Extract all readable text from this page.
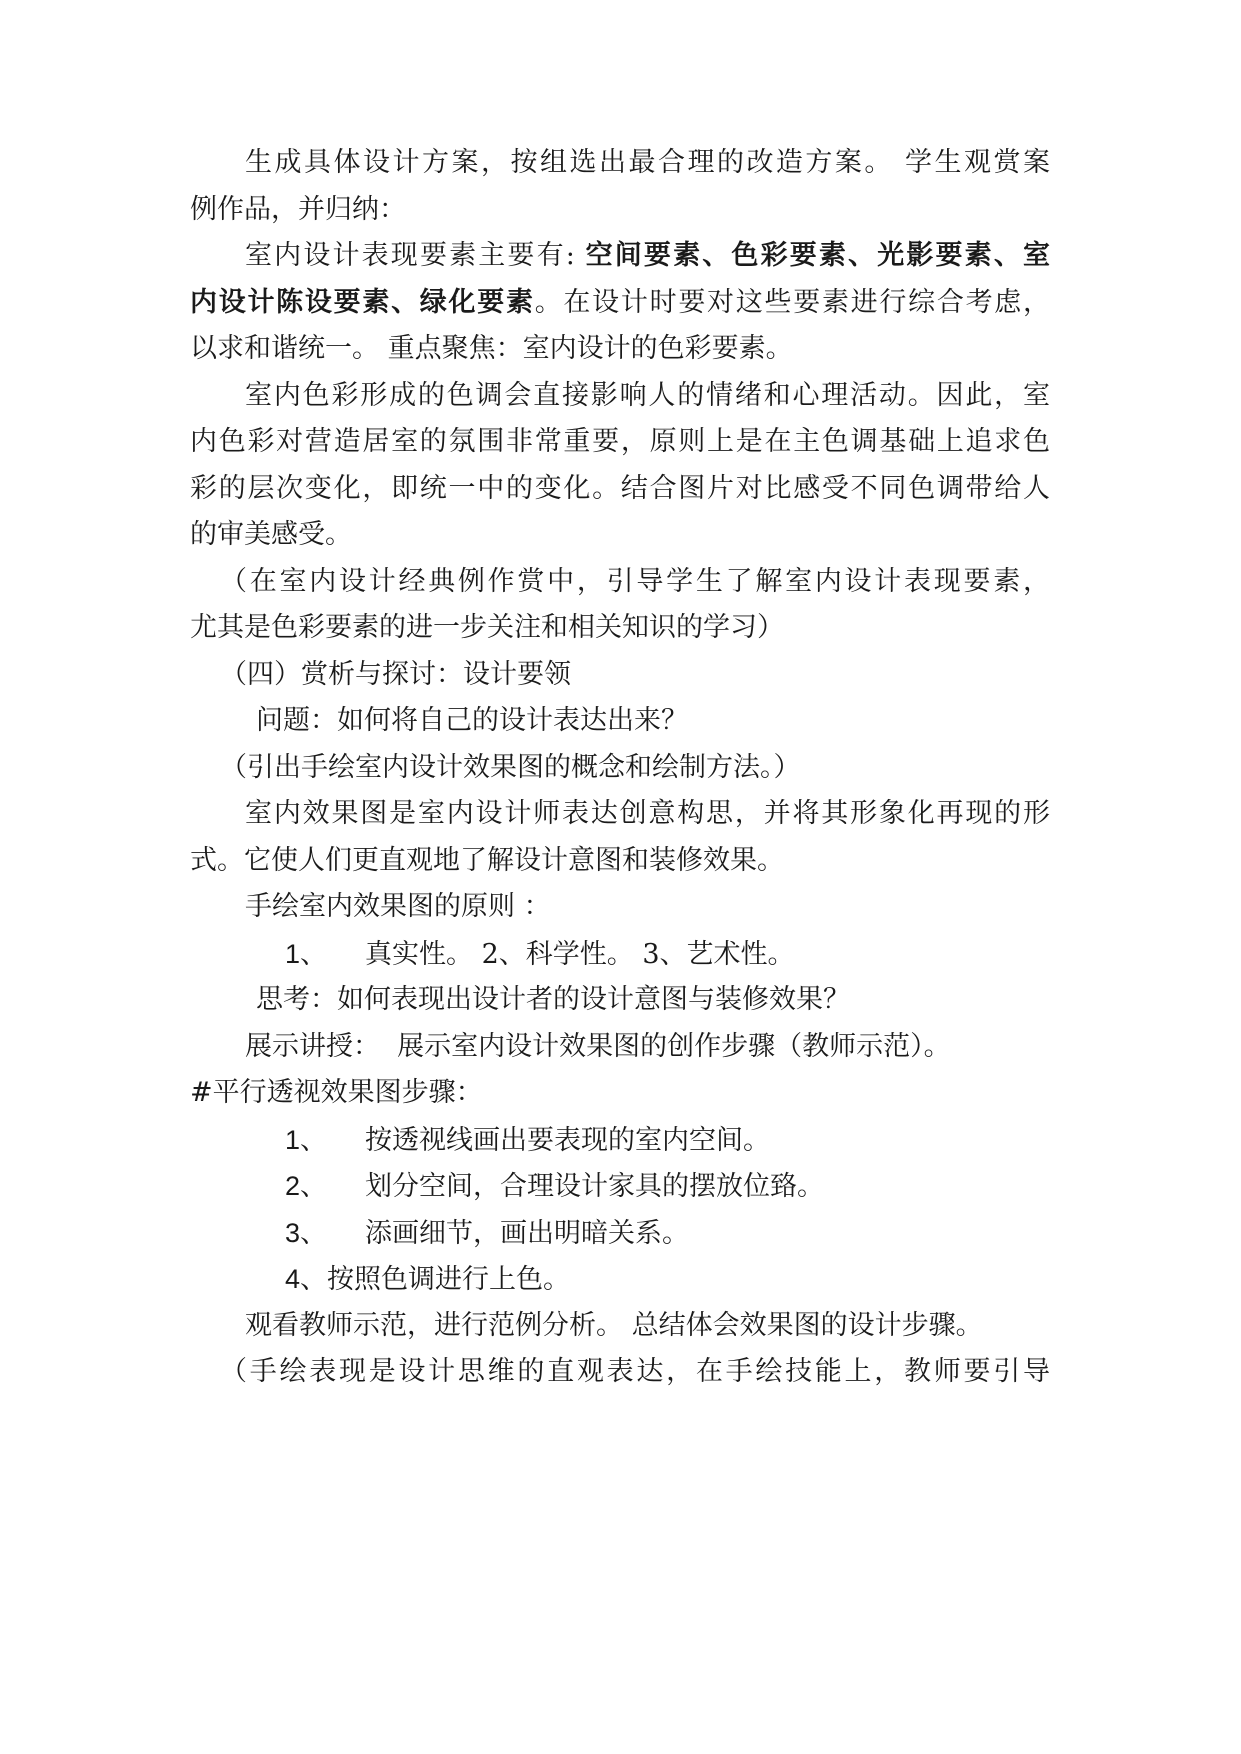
生成具体设计方案，按组选出最合理的改造方案。 学生观赏案
例作品，并归纳：
室内设计表现要素主要有: 空间要素、色彩要素、光影要素、室
内设计陈设要素、绿化要素。在设计时要对这些要素进行综合考虑，
以求和谐统一。 重点聚焦：室内设计的色彩要素。
室内色彩形成的色调会直接影响人的情绪和心理活动。因此，室
内色彩对营造居室的氛围非常重要，原则上是在主色调基础上追求色
彩的层次变化，即统一中的变化。结合图片对比感受不同色调带给人
的审美感受。
（在室内设计经典例作赏中，引导学生了解室内设计表现要素，
尤其是色彩要素的进一步关注和相关知识的学习）
（四）赏析与探讨：设计要领
问题：如何将自己的设计表达出来？
（引出手绘室内设计效果图的概念和绘制方法。）
室内效果图是室内设计师表达创意构思，并将其形象化再现的形
式。它使人们更直观地了解设计意图和装修效果。
手绘室内效果图的原则 ：
1、 真实性。 2、科学性。 3、艺术性。
思考：如何表现出设计者的设计意图与装修效果？
展示讲授：  展示室内设计效果图的创作步骤（教师示范）。
#平行透视效果图步骤：
1、 按透视线画出要表现的室内空间。
2、 划分空间，合理设计家具的摆放位臵。
3、 添画细节，画出明暗关系。
4、按照色调进行上色。
观看教师示范，进行范例分析。 总结体会效果图的设计步骤。
（手绘表现是设计思维的直观表达，在手绘技能上，教师要引导
